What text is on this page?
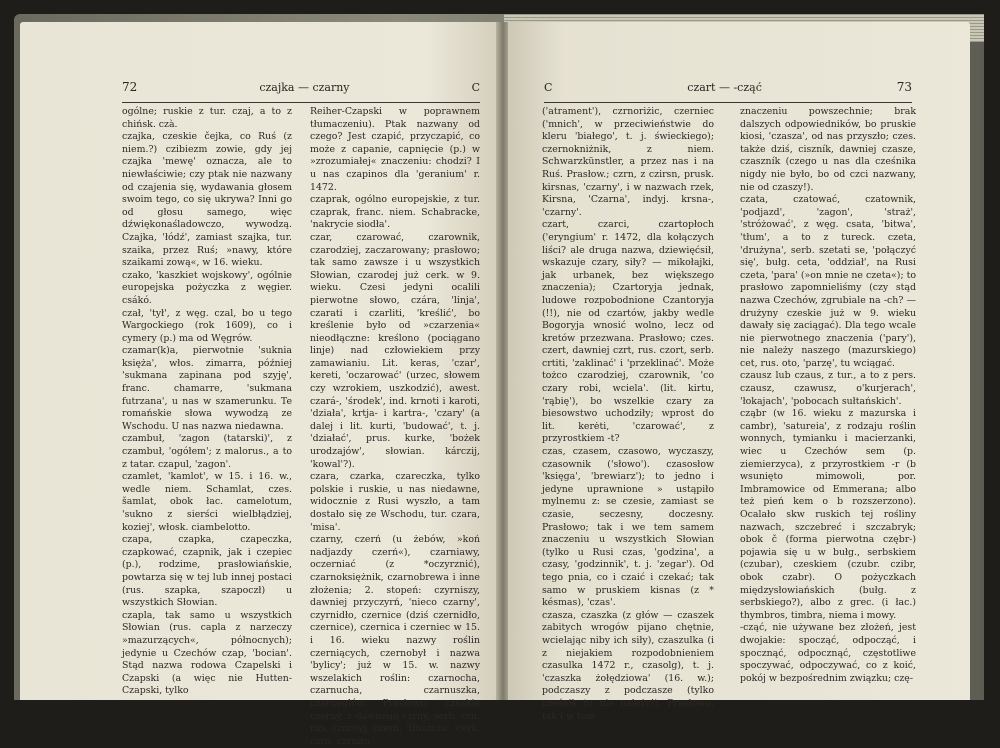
72	czajka — czarny	C

ogólne; ruskie z tur. czaj, a to z chińsk. czà.

czajka, czeskie čejka, co Ruś (z niem.?) czibiezm zowie, gdy jej czajka 'mewę' oznacza, ale to niewłaściwie; czy ptak nie nazwany od czajenia się, wydawania głosem swoim tego, co się ukrywa? Inni go od głosu samego, więc dźwiękonaśladowczo, wywodzą. Czajka, 'łódź', zamiast szajka, tur. szaika, przez Ruś; »nawy, które szaikami zową«, w 16. wieku.

czako, 'kaszkiet wojskowy', ogólnie europejska pożyczka z węgier. csákó.

czał, 'tył', z węg. czal, bo u tego Wargockiego (rok 1609), co i cymery (p.) ma od Węgrów.

czamar(k)a, pierwotnie 'suknia księża', włos. zimarra, później 'sukmana zapinana pod szyję', franc. chamarre, 'sukmana futrzana', u nas w szamerunku. Te romańskie słowa wywodzą ze Wschodu. U nas nazwa niedawna.

czambuł, 'zagon (tatarski)', z czambuł, 'ogółem'; z malorus., a to z tatar. czapul, 'zagon'.

czamlet, 'kamlot', w 15. i 16. w., wedle niem. Schamlat, czes. šamlat, obok łac. camelotum, 'sukno z sierści wielbłądziej, koziej', włosk. ciambelotto.

czapa, czapka, czapeczka, czapkować, czapnik, jak i czepiec (p.), rodzime, prasłowiańskie, powtarza się w tej lub innej postaci (rus. szapka, szapoczł) u wszystkich Słowian.

czapla, tak samo u wszystkich Słowian (rus. capla z narzeczy »mazurzących«, północnych); jedynie u Czechów czap, 'bocian'. Stąd nazwa rodowa Czapelski i Czapski (a więc nie Hutten-Czapski, tylko

Reiher-Czapski w poprawnem tłumaczeniu). Ptak nazwany od czego? Jest czapić, przyczapić, co może z capanie, capnięcie (p.) w »zrozumiałej« znaczeniu: chodzi? I u nas czapinos dla 'geranium' r. 1472.

czaprak, ogólno europejskie, z tur. czaprak, franc. niem. Schabracke, 'nakrycie siodła'.

czar, czarować, czarownik, czarodziej, zaczarowany; prasłowo; tak samo zawsze i u wszystkich Słowian, czarodej już cerk. w 9. wieku. Czesi jedyni ocalili pierwotne słowo, czára, 'linja', czarati i czarliti, 'kreślić', bo kreślenie było od »czarzenia« nieodłączne: kreślono (pociągano linje) nad człowiekiem przy zamawianiu. Lit. keras, 'czar', kereti, 'oczarować' (urzec, słowem czy wzrokiem, uszkodzić), awest. czará-, 'środek', ind. krnoti i karoti, 'działa', krtja- i kartra-, 'czary' (a dalej i lit. kurti, 'budować', t. j. 'działać', prus. kurke, 'bożek urodzajów', słowian. kárczij, 'kowal'?).

czara, czarka, czareczka, tylko polskie i ruskie, u nas niedawne, widocznie z Rusi wyszło, a tam dostało się ze Wschodu, tur. czara, 'misa'.

czarny, czerń (u żebów, »koń nadjazdy czerń«), czarniawy, oczerniać (z *oczyrznić), czarnoksiężnik, czarnobrewa i inne złożenia; 2. stopeń: czyrniszy, dawniej przyczyrń, 'nieco czarny', czyrnidło, czernice (dziś czernidło, czernice), czernica i czerniec w 15. i 16. wieku nazwy roślin czerniących, czernobył i nazwa 'bylicy'; już w 15. w. nazwy wszelakich roślin: czarnocha, czarnucha, czarnuszka, czarnogłów. Prasłowo; czeskie czerný, z dawnego czrny, serb. crn, rus. czornyj, czerń, 'tłuszcza', cerk. czrn, czrnito

C	czart — -cząć	73

('atrament'), czrnoriżic, czerniec ('mnich', w przeciwieństwie do kleru 'białego', t. j. świeckiego); czernokniżnik, z niem. Schwarzkünstler, a przez nas i na Ruś. Prasłow.; czrn, z czirsn, prusk. kirsnas, 'czarny', i w nazwach rzek, Kirsna, 'Czarna', indyj. krsna-, 'czarny'.

czart, czarci, czartopłoch ('eryngium' r. 1472, dla kołączych liści? ale druga nazwa, dziewięćsił, wskazuje czary, siły? — mikołajki, jak urbanek, bez większego znaczenia); Czartoryja jednak, ludowe rozpobodnione Czantoryja (!!), nie od czartów, jakby wedle Bogoryja wnosić wolno, lecz od kretów przezwana. Prasłowo; czes. czert, dawniej czrt, rus. czort, serb. crtiti, 'zaklinać' i 'przeklinać'. Może tożco czarodziej, czarownik, 'co czary robi, wciela'. (lit. kirtu, 'rąbię'), bo wszelkie czary za biesowstwo uchodziły; wprost do lit. kerėti, 'czarować', z przyrostkiem -t?

czas, czasem, czasowo, wyczaszy, czasownik ('słowo'). czasosłow 'księga', 'brewiarz'); to jedno i jedyne uprawnione » ustąpiło mylnemu z: se czesie, zamiast se czasie, seczesny, doczesny. Prasłowo; tak i we tem samem znaczeniu u wszystkich Słowian (tylko u Rusi czas, 'godzina', a czasy, 'godzinnik', t. j. 'zegar'). Od tego pnia, co i czaić i czekać; tak samo w pruskiem kisnas (z * késmas), 'czas'.

czasza, czaszka (z głów — czaszek zabitych wrogów pijano chętnie, wcielając niby ich siły), czaszulka (i z niejakiem rozpodobnieniem czasulka 1472 r., czasolg), t. j. 'czaszka żołędziowa' (16. w.); podczaszy z podczasze (tylko cześnik tu nie należy!). Prasłowo; tak i w tem

znaczeniu powszechnie; brak dalszych odpowiedników, bo pruskie kiosi, 'czasza', od nas przyszło; czes. także dziś, ciszník, dawniej czasze, czaszník (czego u nas dla cześnika nigdy nie było, bo od czci nazwany, nie od czaszy!).

czata, czatować, czatownik, 'podjazd', 'zagon', 'straż', 'stróżować', z węg. csata, 'bitwa', 'tłum', a to z tureck. czeta, 'drużyna', serb. szetati se, 'połączyć się', bułg. ceta, 'oddział', na Rusi czeta, 'para' (»on mnie ne czeta«); to prasłowo zapomnieliśmy (czy stąd nazwa Czechów, zgrubiale na -ch? — drużyny czeskie już w 9. wieku dawały się zaciągać). Dla tego wcale nie pierwotnego znaczenia ('pary'), nie należy naszego (mazurskiego) cet, rus. oto, 'parzę', tu wciągać.

czausz lub czaus, z tur., a to z pers. czausz, czawusz, o'kurjerach', 'łokajach', 'pobocach sułtańskich'.

cząbr (w 16. wieku z mazurska i cambr), 'satureia', z rodzaju roślin wonnych, tymianku i macierzanki, wiec u Czechów sem (p. ziemierzyca), z przyrostkiem -r (b wsunięto mimowoli, por. Imbramowice od Emmerana; albo też pień kem o b rozszerzono). Ocalało skw ruskich tej rośliny nazwach, szczebreć i szczabryk; obok č (forma pierwotna czębr-) pojawia się u w bułg., serbskiem (czubar), czeskiem (czubr. czibr, obok czabr). O pożyczkach międzysłowiańskich (bułg. z serbskiego?), albo z grec. (i łac.) thymbros, timbra, niema i mowy.

-cząć, nie używane bez złożeń, jest dwojakie: spocząć, odpocząć, i spocznąć, odpocznąć, częstotliwe spoczywać, odpoczywać, co z koić, pokój w bezpośrednim związku; czę-
